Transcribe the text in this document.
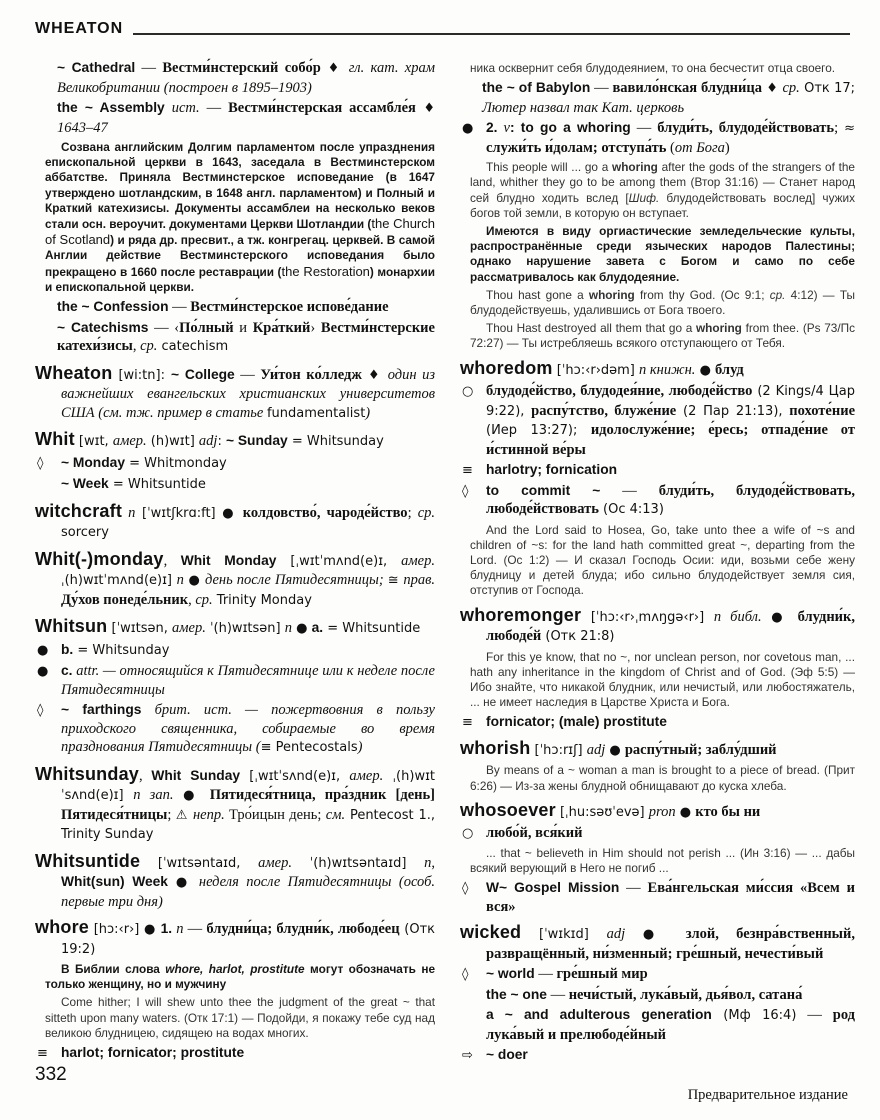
WHEATON

~ Cathedral — Вестми́нстерский собо́р ♦ гл. кат. храм Великобритании (построен в 1895–1903)

the ~ Assembly ист. — Вестми́нстерская ассамбле́я ♦ 1643–47

Созвана английским Долгим парламентом после упразднения епископальной церкви в 1643, заседала в Вестминстерском аббатстве. Приняла Вестминстерское исповедание (в 1647 утверждено шотландским, в 1648 англ. парламентом) и Полный и Краткий катехизисы. Документы ассамблеи на несколько веков стали осн. вероучит. документами Церкви Шотландии (the Church of Scotland) и ряда др. пресвит., а тж. конгрегац. церквей. В самой Англии действие Вестминстерского исповедания было прекращено в 1660 после реставрации (the Restoration) монархии и епископальной церкви.

the ~ Confession — Вестми́нстерское испове́дание

~ Catechisms — ‹По́лный и Кра́ткий› Вестми́нстерские катехи́зисы, ср. catechism

Wheaton [wi:tn]: ~ College — Уи́тон ко́лледж ♦ один из важнейших евангельских христианских университетов США (см. тж. пример в статье fundamentalist)

Whit [wɪt, амер. (h)wɪt] adj: ~ Sunday = Whitsunday

◊ ~ Monday = Whitmonday

~ Week = Whitsuntide

witchcraft n [ˈwɪtʃkrɑ:ft] ● колдовство́, чароде́йство; ср. sorcery

Whit(-)monday, Whit Monday [ˌwɪtˈmʌnd(e)ɪ, амер. ˌ(h)wɪtˈmʌnd(e)ɪ] n ● день после Пятидесятницы; ≅ прав. Ду́хов понеде́льник, ср. Trinity Monday

Whitsun [ˈwɪtsən, амер. ˈ(h)wɪtsən] n ● a. = Whitsuntide

● b. = Whitsunday

● c. attr. — относящийся к Пятидесятнице или к неделе после Пятидесятницы

◊ ~ farthings брит. ист. — пожертвовния в пользу приходского священника, собираемые во время празднования Пятидесятницы (≡ Pentecostals)

Whitsunday, Whit Sunday [ˌwɪtˈsʌnd(e)ɪ, амер. ˌ(h)wɪtˈsʌnd(e)ɪ] n зап. ● Пятидеся́тница, пра́здник [день] Пятидеся́тницы; ⚠ непр. Тро́ицын день; см. Pentecost 1., Trinity Sunday

Whitsuntide [ˈwɪtsəntaɪd, амер. ˈ(h)wɪtsəntaɪd] n, Whit(sun) Week ● неделя после Пятидесятницы (особ. первые три дня)

whore [hɔ:‹r›] ● 1. n — блудни́ца; блудни́к, любоде́ец (Отк 19:2)

В Библии слова whore, harlot, prostitute могут обозначать не только женщину, но и мужчину

Come hither; I will shew unto thee the judgment of the great ~ that sitteth upon many waters. (Отк 17:1) — Подойди, я покажу тебе суд над великою блудницею, сидящею на водах многих.

≡ harlot; fornicator; prostitute

ника осквернит себя блудодеянием, то она бесчестит отца своего.

the ~ of Babylon — вавило́нская блудни́ца ♦ ср. Отк 17; Лютер назвал так Кат. церковь

● 2. v: to go a whoring — блуди́ть, блудоде́йствовать; ≈ служи́ть и́долам; отступа́ть (от Бога)

This people will ... go a whoring after the gods of the strangers of the land, whither they go to be among them (Втор 31:16) — Станет народ сей блудно ходить вслед [Шиф. блудодействовать вослед] чужих богов той земли, в которую он вступает.

Имеются в виду оргиастические земледельческие культы, распространённые среди языческих народов Палестины; однако нарушение завета с Богом и само по себе рассматривалось как блудодеяние.

Thou hast gone a whoring from thy God. (Ос 9:1; ср. 4:12) — Ты блудодействуешь, удалившись от Бога твоего.

Thou Hast destroyed all them that go a whoring from thee. (Ps 73/Пс 72:27) — Ты истребляешь всякого отступающего от Тебя.

whoredom [ˈhɔ:‹r›dəm] n книжн. ● блуд

○ блудоде́йство, блудодея́ние, любоде́йство (2 Kings/4 Цар 9:22), распу́тство, блуже́ние (2 Пар 21:13), похоте́ние (Иер 13:27); идолослуже́ние; е́ресь; отпаде́ние от и́стинной ве́ры

≡ harlotry; fornication

◊ to commit ~ — блуди́ть, блудоде́йствовать, любоде́йствовать (Ос 4:13)

And the Lord said to Hosea, Go, take unto thee a wife of ~s and children of ~s: for the land hath committed great ~, departing from the Lord. (Ос 1:2) — И сказал Господь Осии: иди, возьми себе жену блудницу и детей блуда; ибо сильно блудодействует земля сия, отступив от Господа.

whoremonger [ˈhɔ:‹r›ˌmʌŋgə‹r›] n библ. ● блудни́к, любоде́й (Отк 21:8)

For this ye know, that no ~, nor unclean person, nor covetous man, ... hath any inheritance in the kingdom of Christ and of God. (Эф 5:5) — Ибо знайте, что никакой блудник, или нечистый, или любостяжатель, ... не имеет наследия в Царстве Христа и Бога.

≡ fornicator; (male) prostitute

whorish [ˈhɔ:rɪʃ] adj ● распу́тный; заблу́дший

By means of a ~ woman a man is brought to a piece of bread. (Прит 6:26) — Из-за жены блудной обнищавают до куска хлеба.

whosoever [ˌhu:səʊˈevə] pron ● кто бы ни

○ любо́й, вся́кий

... that ~ believeth in Him should not perish ... (Ин 3:16) — ... дабы всякий верующий в Него не погиб ...

◊ W~ Gospel Mission — Ева́нгельская ми́ссия «Всем и вся»

wicked [ˈwɪkɪd] adj ● злой, безнра́вственный, развращённый, ни́зменный; гре́шный, нечести́вый

◊ ~ world — гре́шный мир

the ~ one — нечи́стый, лука́вый, дья́вол, сатана́

a ~ and adulterous generation (Мф 16:4) — род лука́вый и прелюбоде́йный

⇨ ~ doer

332
Предварительное издание
